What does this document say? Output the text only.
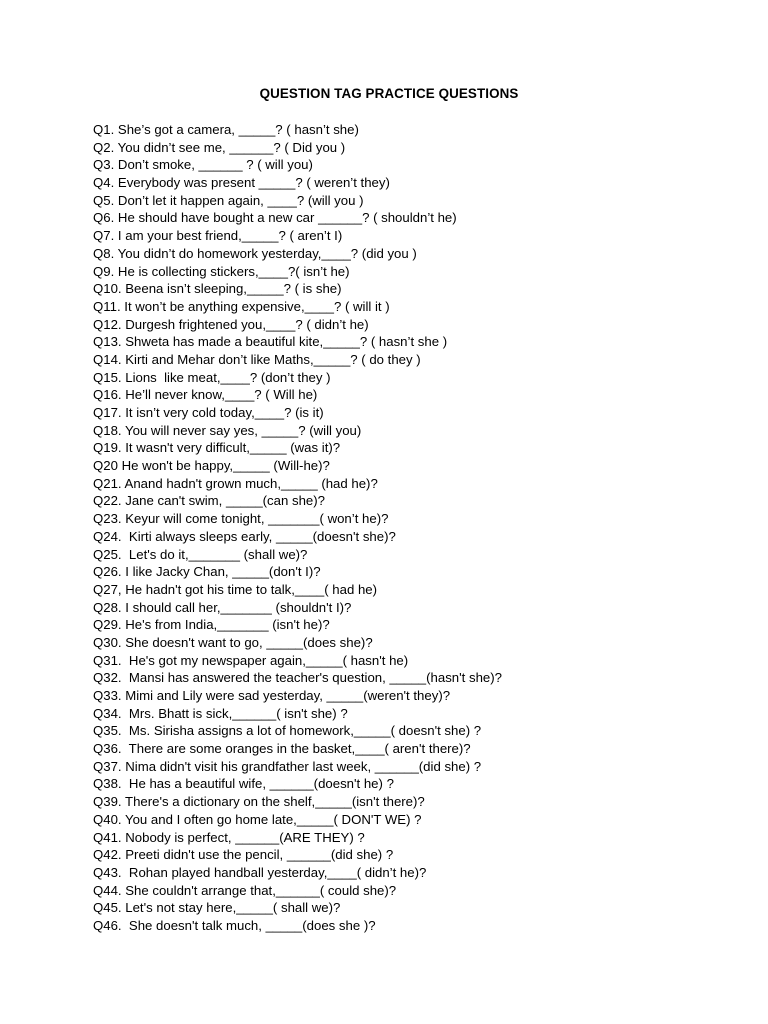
QUESTION TAG PRACTICE QUESTIONS
Q1. She’s got a camera, _____? ( hasn’t she)
Q2. You didn’t see me, ______? ( Did you )
Q3. Don’t smoke, ______ ? ( will you)
Q4. Everybody was present _____? ( weren’t they)
Q5. Don’t let it happen again, ____? (will you )
Q6. He should have bought a new car ______? ( shouldn’t he)
Q7. I am your best friend,_____? ( aren’t I)
Q8. You didn’t do homework yesterday,____? (did you )
Q9. He is collecting stickers,____?( isn’t he)
Q10. Beena isn’t sleeping,_____? ( is she)
Q11. It won’t be anything expensive,____? ( will it )
Q12. Durgesh frightened you,____? ( didn’t he)
Q13. Shweta has made a beautiful kite,_____? ( hasn’t she )
Q14. Kirti and Mehar don’t like Maths,_____? ( do they )
Q15. Lions  like meat,____? (don’t they )
Q16. He’ll never know,____? ( Will he)
Q17. It isn’t very cold today,____? (is it)
Q18. You will never say yes, _____? (will you)
Q19. It wasn't very difficult,_____ (was it)?
Q20 He won't be happy,_____ (Will-he)?
Q21. Anand hadn't grown much,_____ (had he)?
Q22. Jane can't swim, _____(can she)?
Q23. Keyur will come tonight, _______( won’t he)?
Q24.  Kirti always sleeps early, _____(doesn't she)?
Q25.  Let's do it,_______ (shall we)?
Q26. I like Jacky Chan, _____(don't I)?
Q27, He hadn't got his time to talk,____( had he)
Q28. I should call her,_______ (shouldn't I)?
Q29. He's from India,_______ (isn't he)?
Q30. She doesn't want to go, _____(does she)?
Q31.  He's got my newspaper again,_____( hasn't he)
Q32.  Mansi has answered the teacher's question, _____(hasn't she)?
Q33. Mimi and Lily were sad yesterday, _____(weren't they)?
Q34.  Mrs. Bhatt is sick,______( isn't she) ?
Q35.  Ms. Sirisha assigns a lot of homework,_____( doesn't she) ?
Q36.  There are some oranges in the basket,____( aren't there)?
Q37. Nima didn't visit his grandfather last week, ______(did she) ?
Q38.  He has a beautiful wife, ______(doesn't he) ?
Q39. There's a dictionary on the shelf,_____(isn't there)?
Q40. You and I often go home late,_____( DON'T WE) ?
Q41. Nobody is perfect, ______(ARE THEY) ?
Q42. Preeti didn't use the pencil, ______(did she) ?
Q43.  Rohan played handball yesterday,____( didn’t he)?
Q44. She couldn't arrange that,______( could she)?
Q45. Let's not stay here,_____( shall we)?
Q46.  She doesn't talk much, _____(does she )?
